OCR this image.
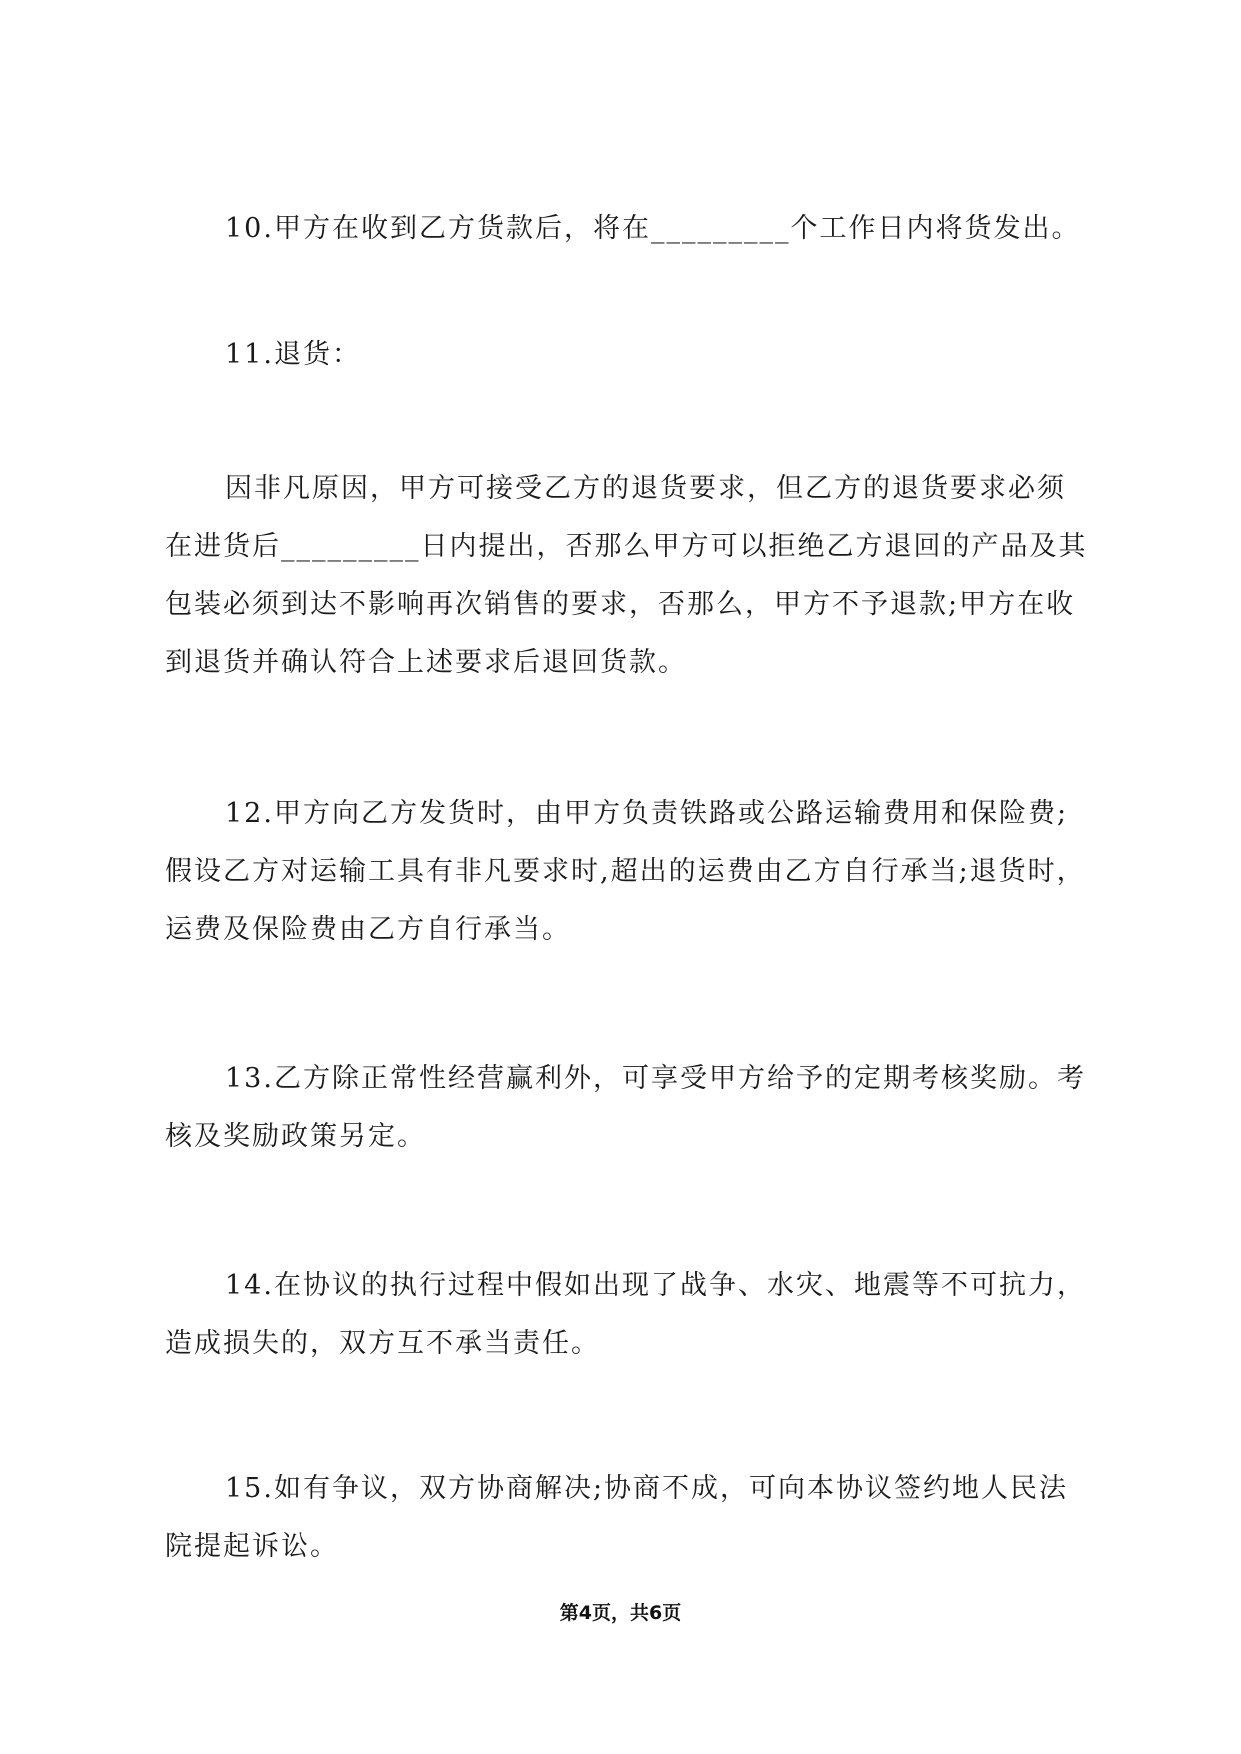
10.甲方在收到乙方货款后，将在_________个工作日内将货发出。
11.退货：
因非凡原因，甲方可接受乙方的退货要求，但乙方的退货要求必须
在进货后_________日内提出，否那么甲方可以拒绝乙方退回的产品及其
包装必须到达不影响再次销售的要求，否那么，甲方不予退款;甲方在收
到退货并确认符合上述要求后退回货款。
12.甲方向乙方发货时，由甲方负责铁路或公路运输费用和保险费;
假设乙方对运输工具有非凡要求时,超出的运费由乙方自行承当;退货时，
运费及保险费由乙方自行承当。
13.乙方除正常性经营赢利外，可享受甲方给予的定期考核奖励。考
核及奖励政策另定。
14.在协议的执行过程中假如出现了战争、水灾、地震等不可抗力，
造成损失的，双方互不承当责任。
15.如有争议，双方协商解决;协商不成，可向本协议签约地人民法
院提起诉讼。
第4页，共6页
